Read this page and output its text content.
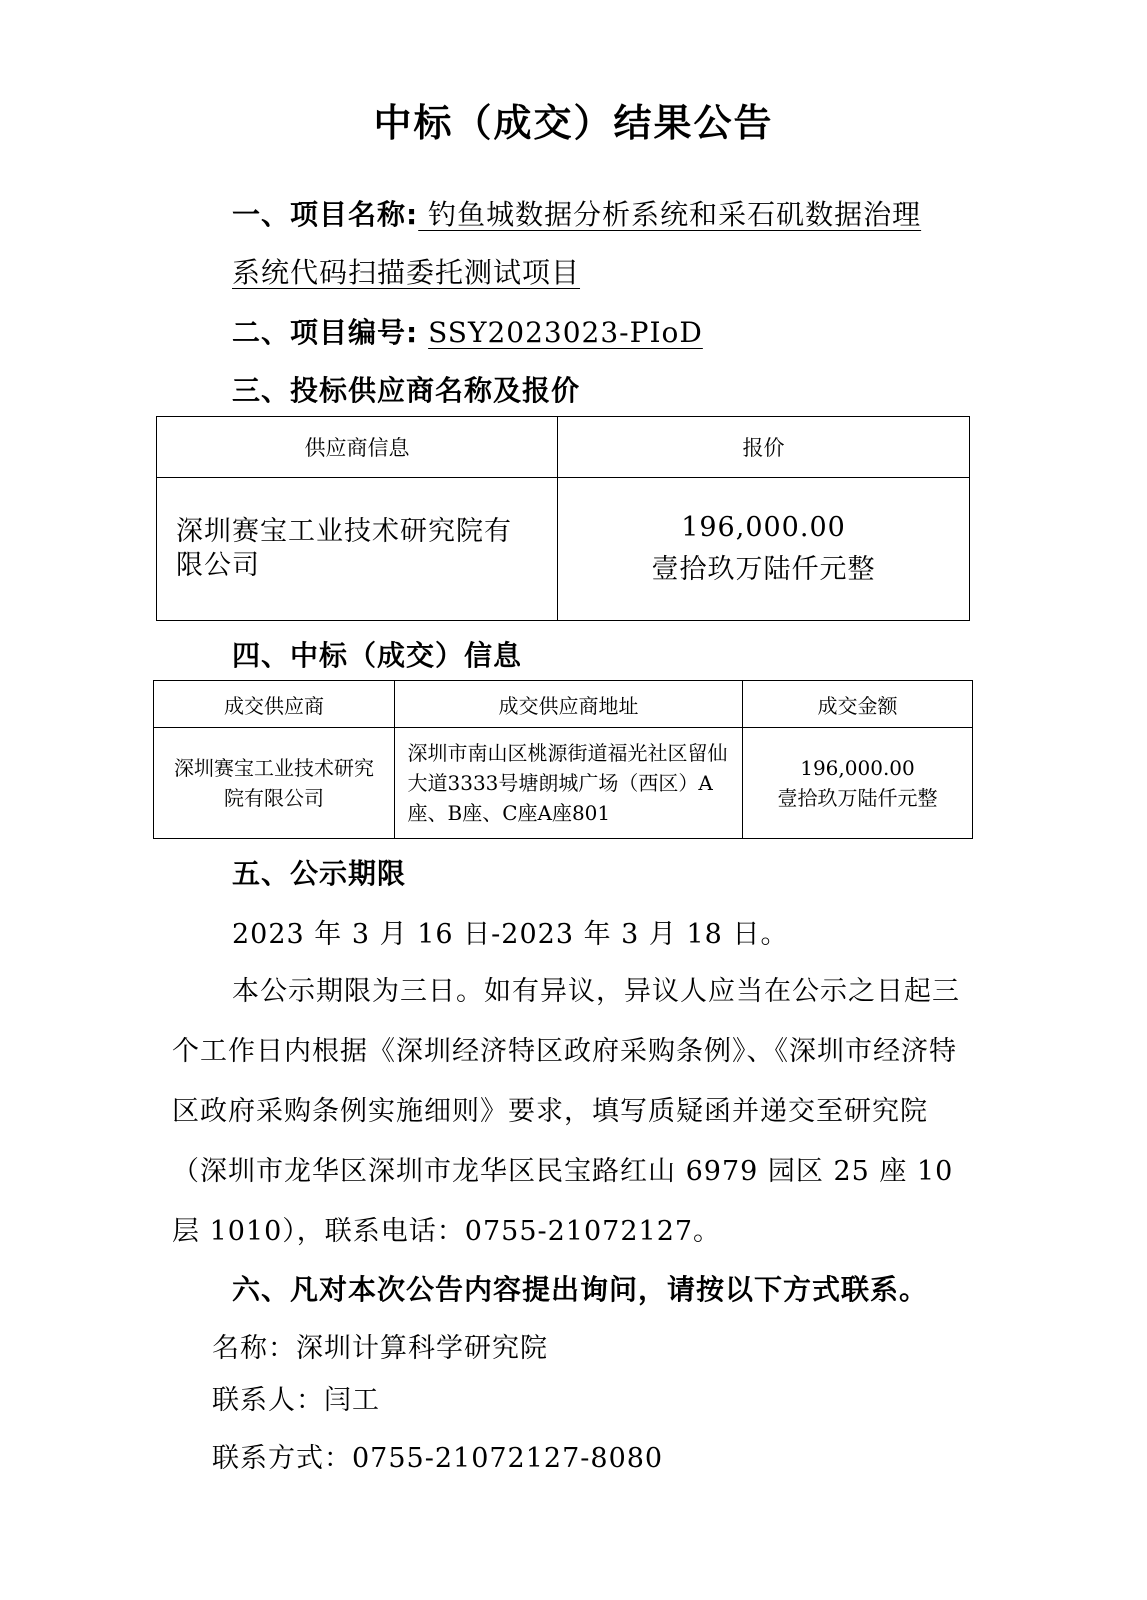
中标（成交）结果公告
一、项目名称: 钓鱼城数据分析系统和采石矶数据治理
系统代码扫描委托测试项目
二、项目编号: SSY2023023-PIoD
三、投标供应商名称及报价
供应商信息	报价

深圳赛宝工业技术研究院有限公司	196,000.00
壹拾玖万陆仟元整
四、中标（成交）信息
成交供应商	成交供应商地址	成交金额

深圳赛宝工业技术研究院有限公司	深圳市南山区桃源街道福光社区留仙大道3333号塘朗城广场（西区）A座、B座、C座A座801	196,000.00
壹拾玖万陆仟元整
五、公示期限
2023 年 3 月 16 日-2023 年 3 月 18 日。
本公示期限为三日。如有异议，异议人应当在公示之日起三个工作日内根据《深圳经济特区政府采购条例》、《深圳市经济特区政府采购条例实施细则》要求，填写质疑函并递交至研究院（深圳市龙华区深圳市龙华区民宝路红山 6979 园区 25 座 10 层 1010），联系电话：0755-21072127。
六、凡对本次公告内容提出询问，请按以下方式联系。
名称：深圳计算科学研究院
联系人：闫工
联系方式：0755-21072127-8080
